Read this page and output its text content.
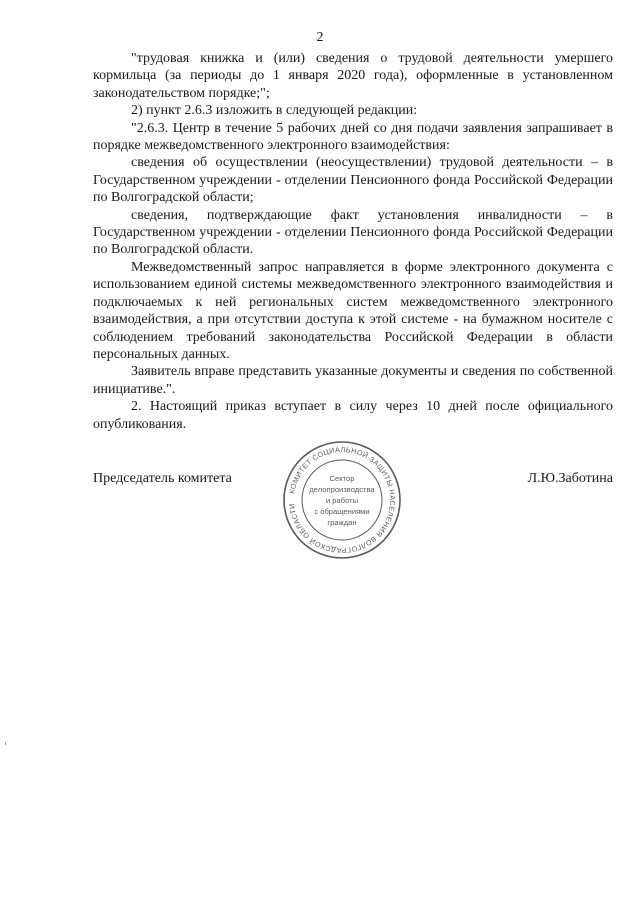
2

"трудовая книжка и (или) сведения о трудовой деятельности умершего кормильца (за периоды до 1 января 2020 года), оформленные в установленном законодательством порядке;";

2) пункт 2.6.3 изложить в следующей редакции:

"2.6.3. Центр в течение 5 рабочих дней со дня подачи заявления запрашивает в порядке межведомственного электронного взаимодействия:

сведения об осуществлении (неосуществлении) трудовой деятельности – в Государственном учреждении - отделении Пенсионного фонда Российской Федерации по Волгоградской области;

сведения, подтверждающие факт установления инвалидности – в Государственном учреждении - отделении Пенсионного фонда Российской Федерации по Волгоградской области.

Межведомственный запрос направляется в форме электронного документа с использованием единой системы межведомственного электронного взаимодействия и подключаемых к ней региональных систем межведомственного электронного взаимодействия, а при отсутствии доступа к этой системе - на бумажном носителе с соблюдением требований законодательства Российской Федерации в области персональных данных.

Заявитель вправе представить указанные документы и сведения по собственной инициативе.".

2. Настоящий приказ вступает в силу через 10 дней после официального опубликования.

Председатель комитета	Л.Ю.Заботина
КОМИТЕТ СОЦИАЛЬНОЙ ЗАЩИТЫ НАСЕЛЕНИЯ ВОЛГОГРАДСКОЙ ОБЛАСТИ
Сектор
делопроизводства
и работы
с обращениями
граждан
